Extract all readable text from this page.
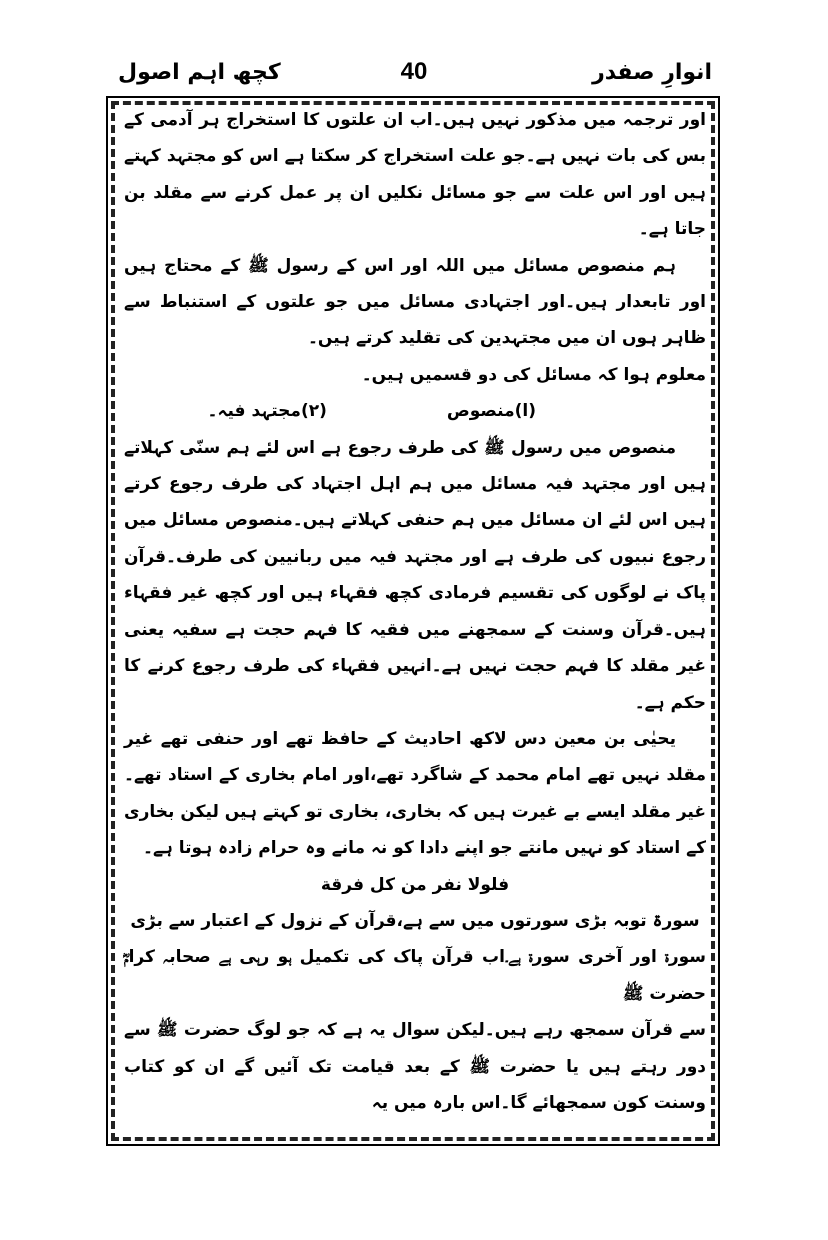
کچھ اہم اصول	40	انوارِ صفدر

اور ترجمہ میں مذکور نہیں ہیں۔اب ان علتوں کا استخراج ہر آدمی کے بس کی بات نہیں ہے۔جو علت استخراج کر سکتا ہے اس کو مجتہد کہتے ہیں اور اس علت سے جو مسائل نکلیں ان پر عمل کرنے سے مقلد بن جاتا ہے۔

ہم منصوص مسائل میں اللہ اور اس کے رسول ﷺ کے محتاج ہیں اور تابعدار ہیں۔اور اجتہادی مسائل میں جو علتوں کے استنباط سے ظاہر ہوں ان میں مجتہدین کی تقلید کرتے ہیں۔

معلوم ہوا کہ مسائل کی دو قسمیں ہیں۔

(ا)منصوص
(۲)مجتہد فیہ۔

منصوص میں رسول ﷺ کی طرف رجوع ہے اس لئے ہم سنّی کہلاتے ہیں اور مجتہد فیہ مسائل میں ہم اہل اجتہاد کی طرف رجوع کرتے ہیں اس لئے ان مسائل میں ہم حنفی کہلاتے ہیں۔منصوص مسائل میں رجوع نبیوں کی طرف ہے اور مجتہد فیہ میں ربانیین کی طرف۔قرآن پاک نے لوگوں کی تقسیم فرمادی کچھ فقہاء ہیں اور کچھ غیر فقہاء ہیں۔قرآن وسنت کے سمجھنے میں فقیہ کا فہم حجت ہے سفیہ یعنی غیر مقلد کا فہم حجت نہیں ہے۔انہیں فقہاء کی طرف رجوع کرنے کا حکم ہے۔

یحیٰی بن معین دس لاکھ احادیث کے حافظ تھے اور حنفی تھے غیر مقلد نہیں تھے امام محمد کے شاگرد تھے،اور امام بخاری کے استاد تھے۔غیر مقلد ایسے بے غیرت ہیں کہ بخاری، بخاری تو کہتے ہیں لیکن بخاری کے استاد کو نہیں مانتے جو اپنے دادا کو نہ مانے وہ حرام زادہ ہوتا ہے۔

فلولا نفر من کل فرقة

سورۃ توبہ بڑی سورتوں میں سے ہے،قرآن کے نزول کے اعتبار سے بڑی

سورۃ اور آخری سورۃ ہے۔اب قرآن پاک کی تکمیل ہو رہی ہے صحابہ کرامؓ حضرت ﷺ

سے قرآن سمجھ رہے ہیں۔لیکن سوال یہ ہے کہ جو لوگ حضرت ﷺ سے دور رہتے ہیں یا حضرت ﷺ کے بعد قیامت تک آئیں گے ان کو کتاب وسنت کون سمجھائے گا۔اس بارہ میں یہ
